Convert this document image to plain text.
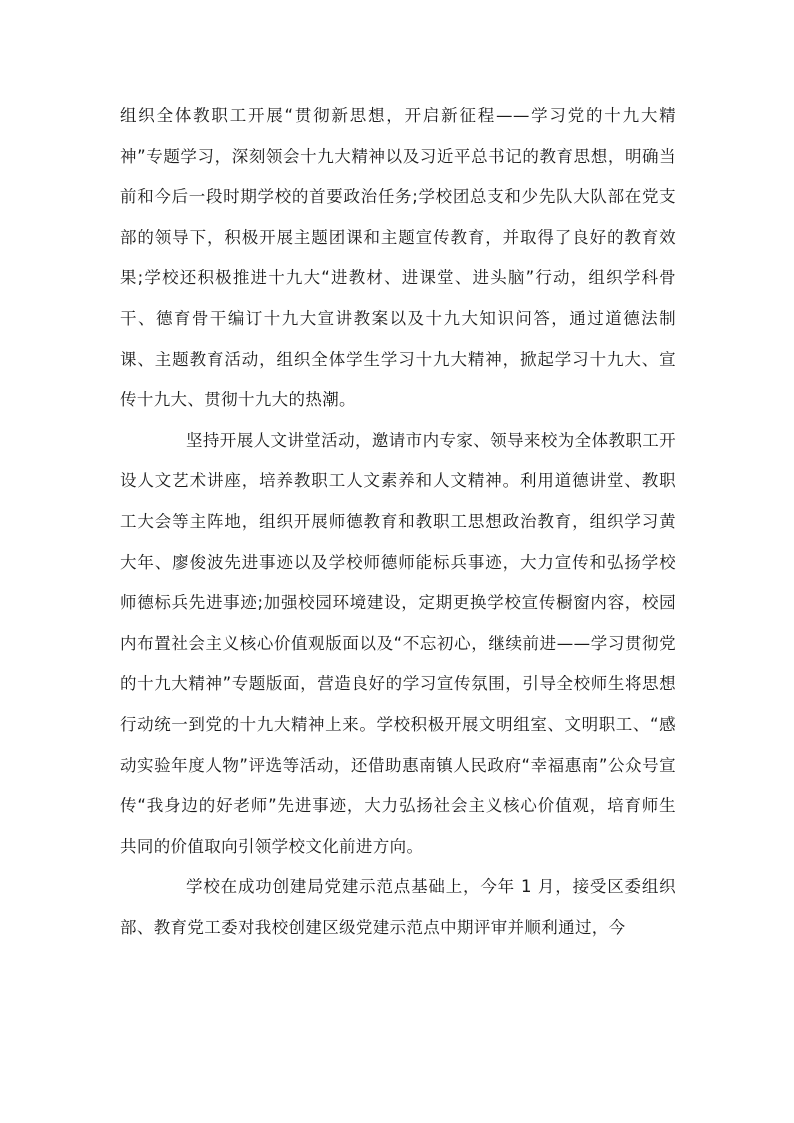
组织全体教职工开展“贯彻新思想，开启新征程——学习党的十九大精神”专题学习，深刻领会十九大精神以及习近平总书记的教育思想，明确当前和今后一段时期学校的首要政治任务;学校团总支和少先队大队部在党支部的领导下，积极开展主题团课和主题宣传教育，并取得了良好的教育效果;学校还积极推进十九大“进教材、进课堂、进头脑”行动，组织学科骨干、德育骨干编订十九大宣讲教案以及十九大知识问答，通过道德法制课、主题教育活动，组织全体学生学习十九大精神，掀起学习十九大、宣传十九大、贯彻十九大的热潮。

坚持开展人文讲堂活动，邀请市内专家、领导来校为全体教职工开设人文艺术讲座，培养教职工人文素养和人文精神。利用道德讲堂、教职工大会等主阵地，组织开展师德教育和教职工思想政治教育，组织学习黄大年、廖俊波先进事迹以及学校师德师能标兵事迹，大力宣传和弘扬学校师德标兵先进事迹;加强校园环境建设，定期更换学校宣传橱窗内容，校园内布置社会主义核心价值观版面以及“不忘初心，继续前进——学习贯彻党的十九大精神”专题版面，营造良好的学习宣传氛围，引导全校师生将思想行动统一到党的十九大精神上来。学校积极开展文明组室、文明职工、“感动实验年度人物”评选等活动，还借助惠南镇人民政府“幸福惠南”公众号宣传“我身边的好老师”先进事迹，大力弘扬社会主义核心价值观，培育师生共同的价值取向引领学校文化前进方向。

学校在成功创建局党建示范点基础上，今年 1 月，接受区委组织部、教育党工委对我校创建区级党建示范点中期评审并顺利通过，今
